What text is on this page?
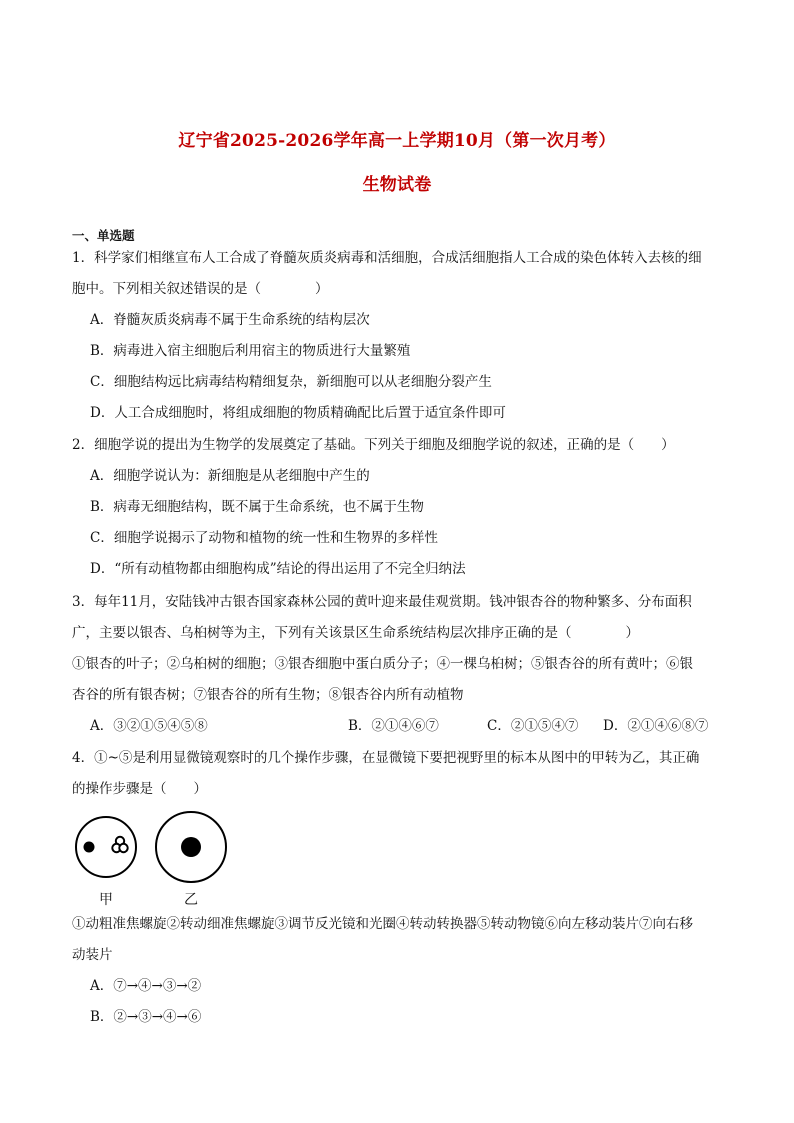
辽宁省2025-2026学年高一上学期10月（第一次月考）
生物试卷
一、单选题
1．科学家们相继宣布人工合成了脊髓灰质炎病毒和活细胞，合成活细胞指人工合成的染色体转入去核的细
胞中。下列相关叙述错误的是（　　　　）
A．脊髓灰质炎病毒不属于生命系统的结构层次
B．病毒进入宿主细胞后利用宿主的物质进行大量繁殖
C．细胞结构远比病毒结构精细复杂，新细胞可以从老细胞分裂产生
D．人工合成细胞时，将组成细胞的物质精确配比后置于适宜条件即可
2．细胞学说的提出为生物学的发展奠定了基础。下列关于细胞及细胞学说的叙述，正确的是（　　）
A．细胞学说认为：新细胞是从老细胞中产生的
B．病毒无细胞结构，既不属于生命系统，也不属于生物
C．细胞学说揭示了动物和植物的统一性和生物界的多样性
D．“所有动植物都由细胞构成”结论的得出运用了不完全归纳法
3．每年11月，安陆钱冲古银杏国家森林公园的黄叶迎来最佳观赏期。钱冲银杏谷的物种繁多、分布面积
广，主要以银杏、乌桕树等为主，下列有关该景区生命系统结构层次排序正确的是（　　　　）
①银杏的叶子；②乌桕树的细胞；③银杏细胞中蛋白质分子；④一棵乌桕树；⑤银杏谷的所有黄叶；⑥银
杏谷的所有银杏树；⑦银杏谷的所有生物；⑧银杏谷内所有动植物
A．③②①⑤④⑤⑧	B．②①④⑥⑦	C．②①⑤④⑦ D．②①④⑥⑧⑦
4．①~⑤是利用显微镜观察时的几个操作步骤，在显微镜下要把视野里的标本从图中的甲转为乙，其正确
的操作步骤是（　　）
甲	乙
①动粗准焦螺旋②转动细准焦螺旋③调节反光镜和光圈④转动转换器⑤转动物镜⑥向左移动装片⑦向右移
动装片
A．⑦→④→③→②
B．②→③→④→⑥
